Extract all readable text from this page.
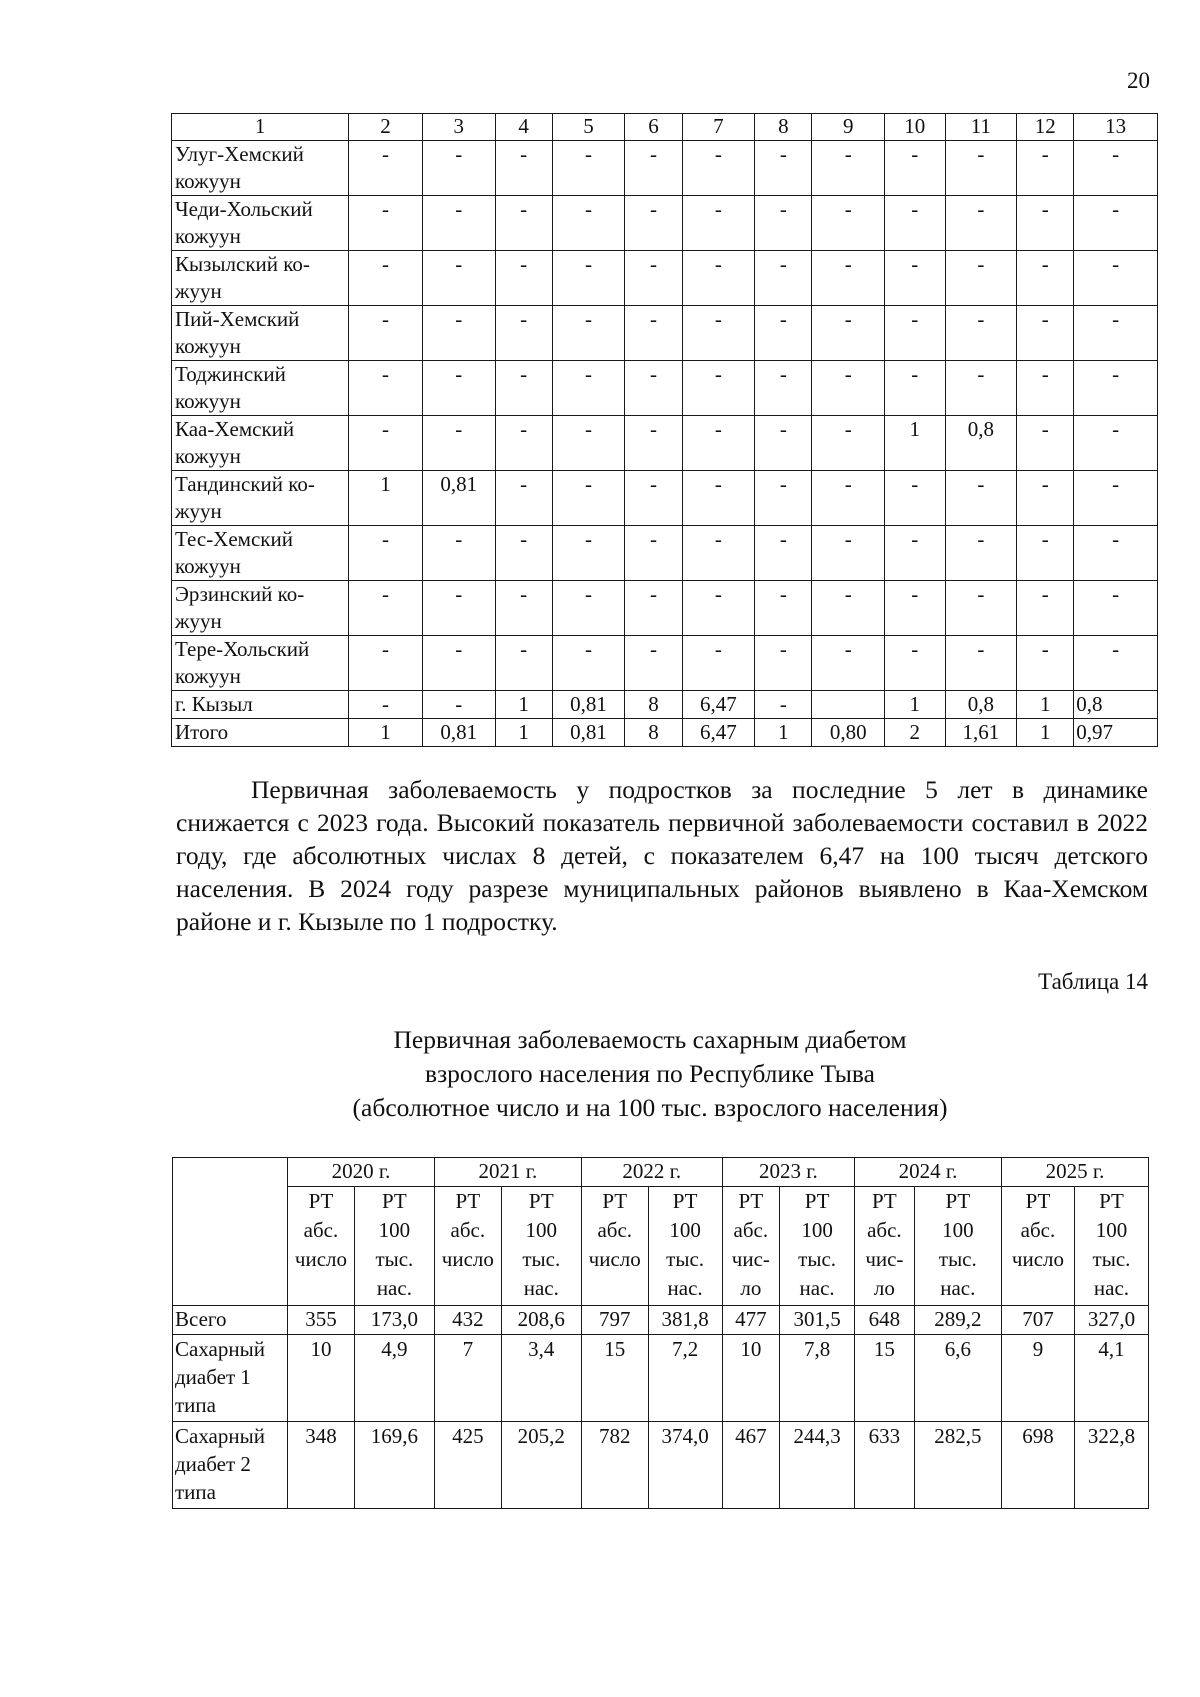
20
1	2	3	4	5	6	7	8	9	10	11	12	13

Улуг-Хемский
кожуун	-	-	-	-	-	-	-	-	-	-	-	-

Чеди-Хольский
кожуун	-	-	-	-	-	-	-	-	-	-	-	-

Кызылский ко-
жуун	-	-	-	-	-	-	-	-	-	-	-	-

Пий-Хемский
кожуун	-	-	-	-	-	-	-	-	-	-	-	-

Тоджинский
кожуун	-	-	-	-	-	-	-	-	-	-	-	-

Каа-Хемский
кожуун	-	-	-	-	-	-	-	-	1	0,8	-	-

Тандинский ко-
жуун	1	0,81	-	-	-	-	-	-	-	-	-	-

Тес-Хемский
кожуун	-	-	-	-	-	-	-	-	-	-	-	-

Эрзинский ко-
жуун	-	-	-	-	-	-	-	-	-	-	-	-

Тере-Хольский
кожуун	-	-	-	-	-	-	-	-	-	-	-	-

г. Кызыл	-	-	1	0,81	8	6,47	-		1	0,8	1	0,8

Итого	1	0,81	1	0,81	8	6,47	1	0,80	2	1,61	1	0,97
Первичная заболеваемость у подростков за последние 5 лет в динамике снижается с 2023 года. Высокий показатель первичной заболеваемости составил в 2022 году, где абсолютных числах 8 детей, с показателем 6,47 на 100 тысяч детского населения. В 2024 году разрезе муниципальных районов выявлено в Каа-Хемском районе и г. Кызыле по 1 подростку.
Таблица 14
Первичная заболеваемость сахарным диабетом
взрослого населения по Республике Тыва
(абсолютное число и на 100 тыс. взрослого населения)
	2020 г.		2021 г.		2022 г.		2023 г.		2024 г.		2025 г.	

	РТ
абс.
число	РТ
100
тыс.
нас.	РТ
абс.
число	РТ
100
тыс.
нас.	РТ
абс.
число	РТ
100
тыс.
нас.	РТ
абс.
чис-
ло	РТ
100
тыс.
нас.	РТ
абс.
чис-
ло	РТ
100
тыс.
нас.	РТ
абс.
число	РТ
100
тыс.
нас.

Всего	355	173,0	432	208,6	797	381,8	477	301,5	648	289,2	707	327,0

Сахарный
диабет 1
типа	10	4,9	7	3,4	15	7,2	10	7,8	15	6,6	9	4,1

Сахарный
диабет 2
типа	348	169,6	425	205,2	782	374,0	467	244,3	633	282,5	698	322,8
